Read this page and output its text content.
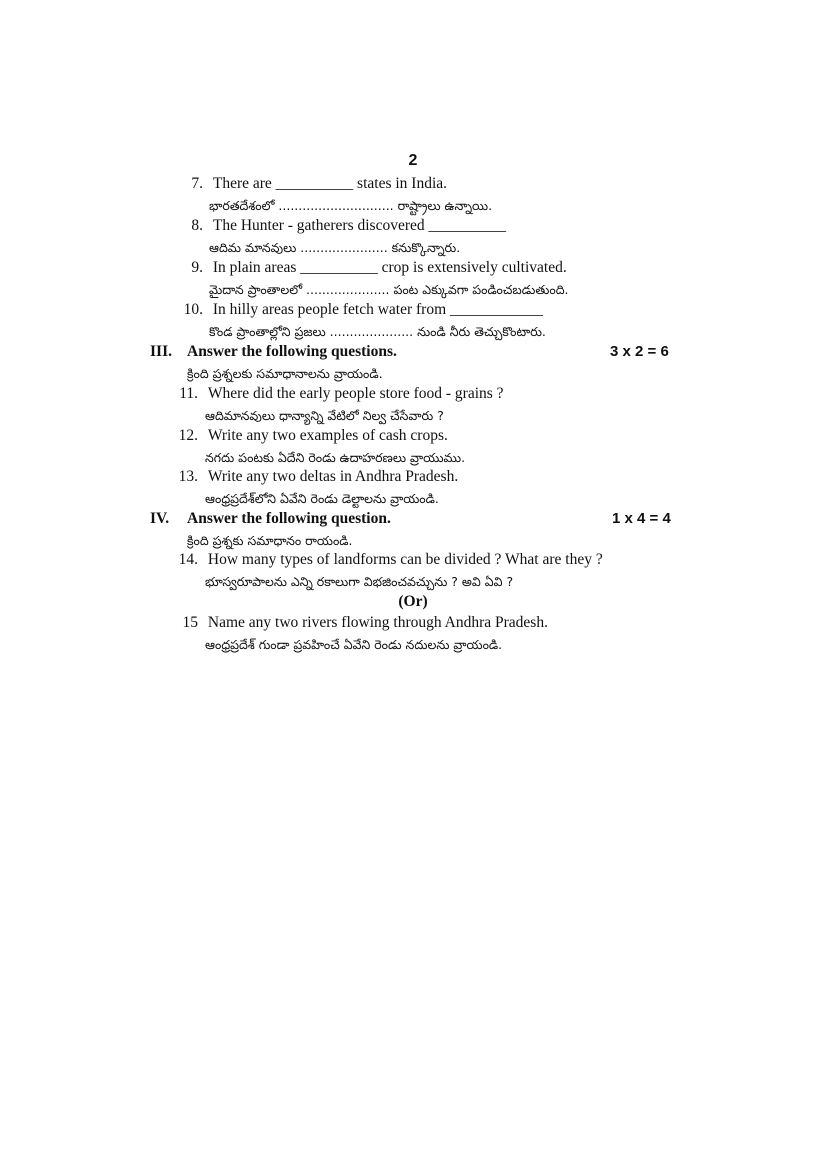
2
7. There are __________ states in India.
భారతదేశంలో ............................. రాష్ట్రాలు ఉన్నాయి.
8. The Hunter - gatherers discovered __________
ఆదిమ మానవులు ...................... కనుక్కొన్నారు.
9. In plain areas __________ crop is extensively cultivated.
మైదాన ప్రాంతాలలో ..................... పంట ఎక్కువగా పండించబడుతుంది.
10. In hilly areas people fetch water from ____________
కొండ ప్రాంతాల్లోని ప్రజలు ..................... నుండి నీరు తెచ్చుకొంటారు.
III. Answer the following questions.	3 x 2 = 6
క్రింది ప్రశ్నలకు సమాధానాలను వ్రాయండి.
11. Where did the early people store food - grains ?
ఆదిమానవులు ధాన్యాన్ని వేటిలో నిల్వ చేసేవారు ?
12. Write any two examples of cash crops.
నగదు పంటకు ఏదేని రెండు ఉదాహరణలు వ్రాయుము.
13. Write any two deltas in Andhra Pradesh.
ఆంధ్రప్రదేశ్‌లోని ఏవేని రెండు డెల్టాలను వ్రాయండి.
IV. Answer the following question.	1 x 4 = 4
క్రింది ప్రశ్నకు సమాధానం రాయండి.
14. How many types of landforms can be divided ? What are they ?
భూస్వరూపాలను ఎన్ని రకాలుగా విభజించవచ్చును ? అవి ఏవి ?
(Or)
15 Name any two rivers flowing through Andhra Pradesh.
ఆంధ్రప్రదేశ్ గుండా ప్రవహించే ఏవేని రెండు నదులను వ్రాయండి.
